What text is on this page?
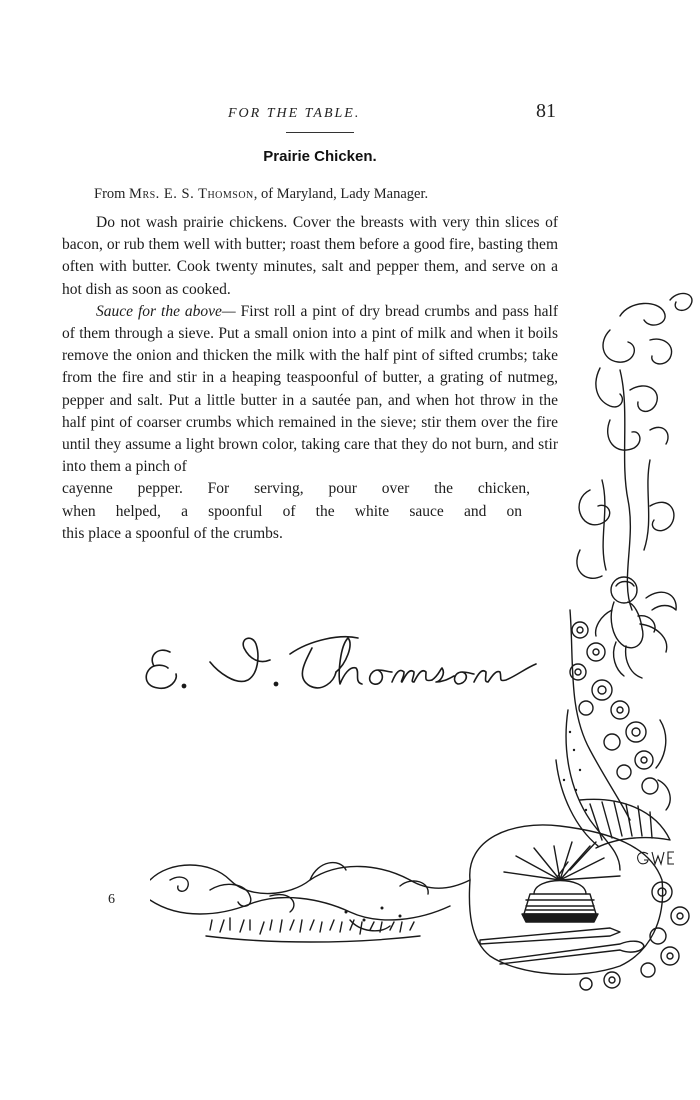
FOR THE TABLE.	81
Prairie Chicken.
From Mrs. E. S. Thomson, of Maryland, Lady Manager.

Do not wash prairie chickens. Cover the breasts with very thin slices of bacon, or rub them well with butter; roast them before a good fire, basting them often with butter. Cook twenty minutes, salt and pepper them, and serve on a hot dish as soon as cooked.

Sauce for the above— First roll a pint of dry bread crumbs and pass half of them through a sieve. Put a small onion into a pint of milk and when it boils remove the onion and thicken the milk with the half pint of sifted crumbs; take from the fire and stir in a heaping teaspoonful of butter, a grating of nutmeg, pepper and salt. Put a little butter in a sautée pan, and when hot throw in the half pint of coarser crumbs which remained in the sieve; stir them over the fire until they assume a light brown color, taking care that they do not burn, and stir into them a pinch of

cayenne pepper. For serving, pour over the chicken,
when helped, a spoonful of the white sauce and on
this place a spoonful of the crumbs.
6
